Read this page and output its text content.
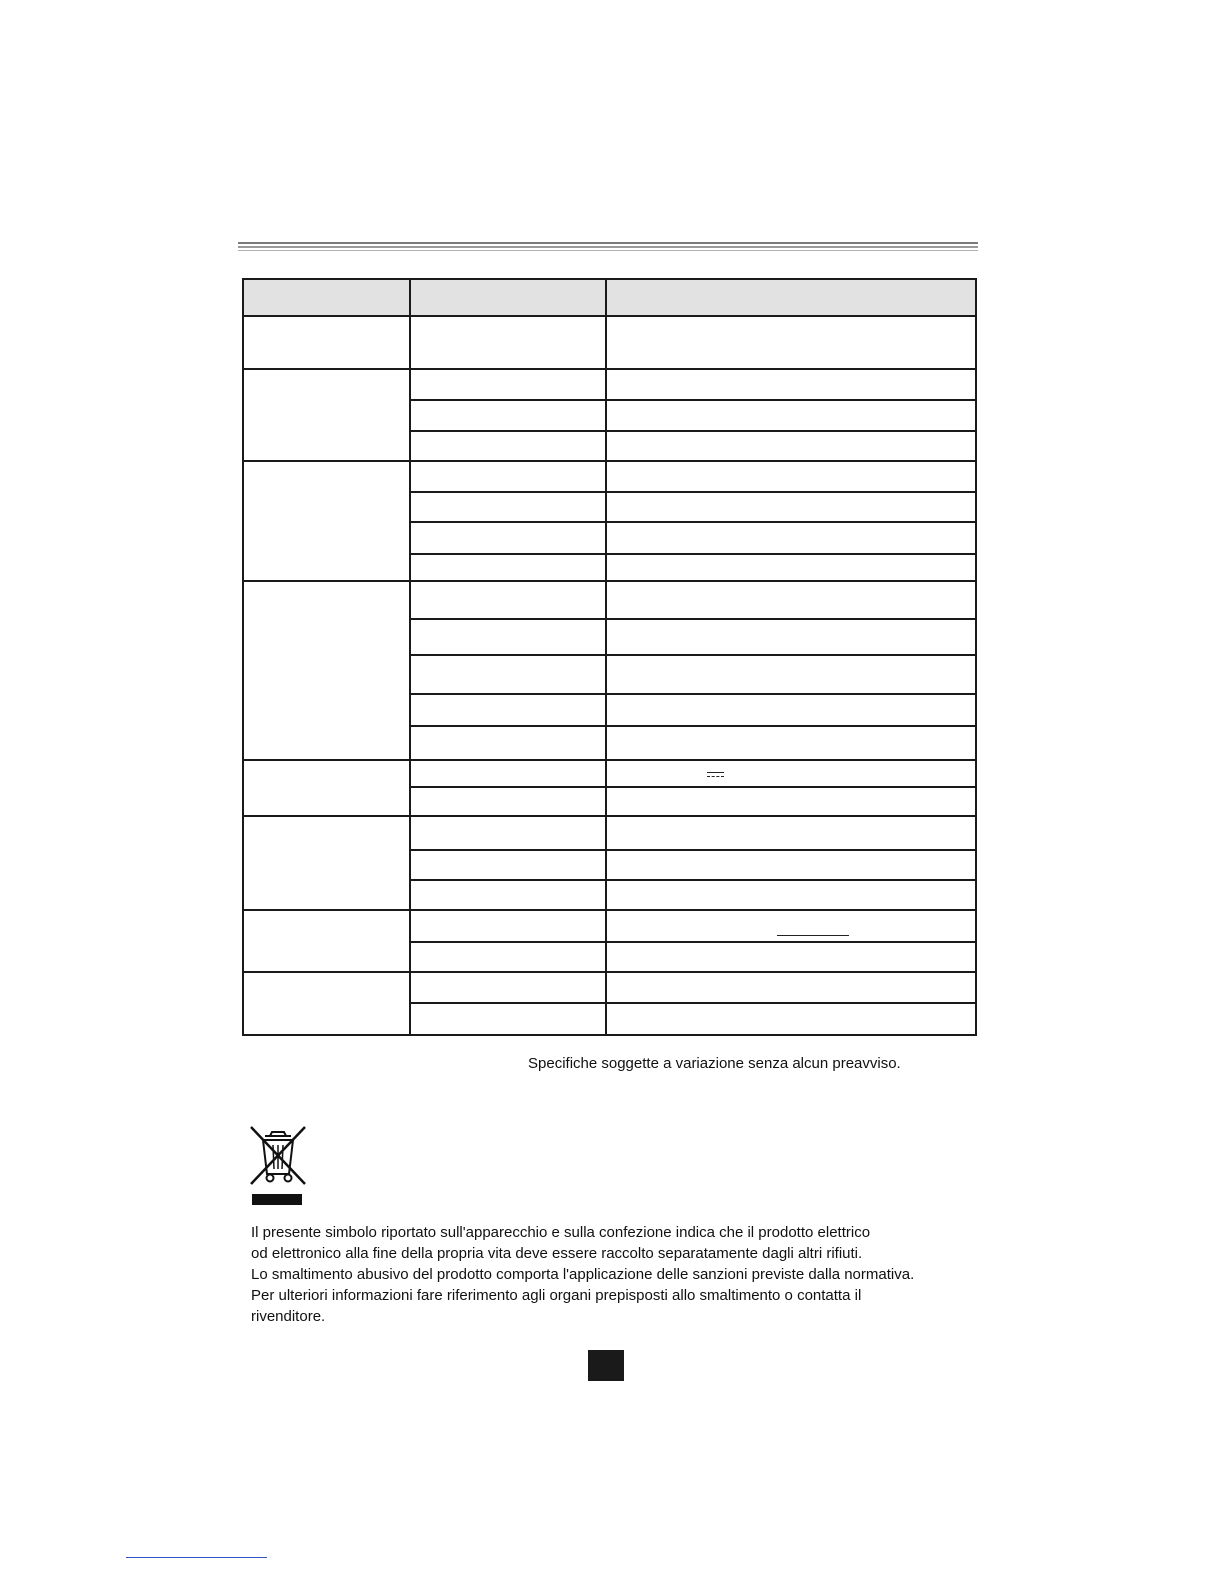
Specifiche soggette a variazione senza alcun preavviso.

Il presente simbolo riportato sull'apparecchio e sulla confezione indica che il prodotto elettrico

od elettronico alla fine della propria vita deve essere raccolto separatamente dagli altri rifiuti.

Lo smaltimento abusivo del prodotto comporta l'applicazione delle sanzioni previste dalla normativa.

Per ulteriori informazioni fare riferimento agli organi prepisposti allo smaltimento o contatta il

rivenditore.
